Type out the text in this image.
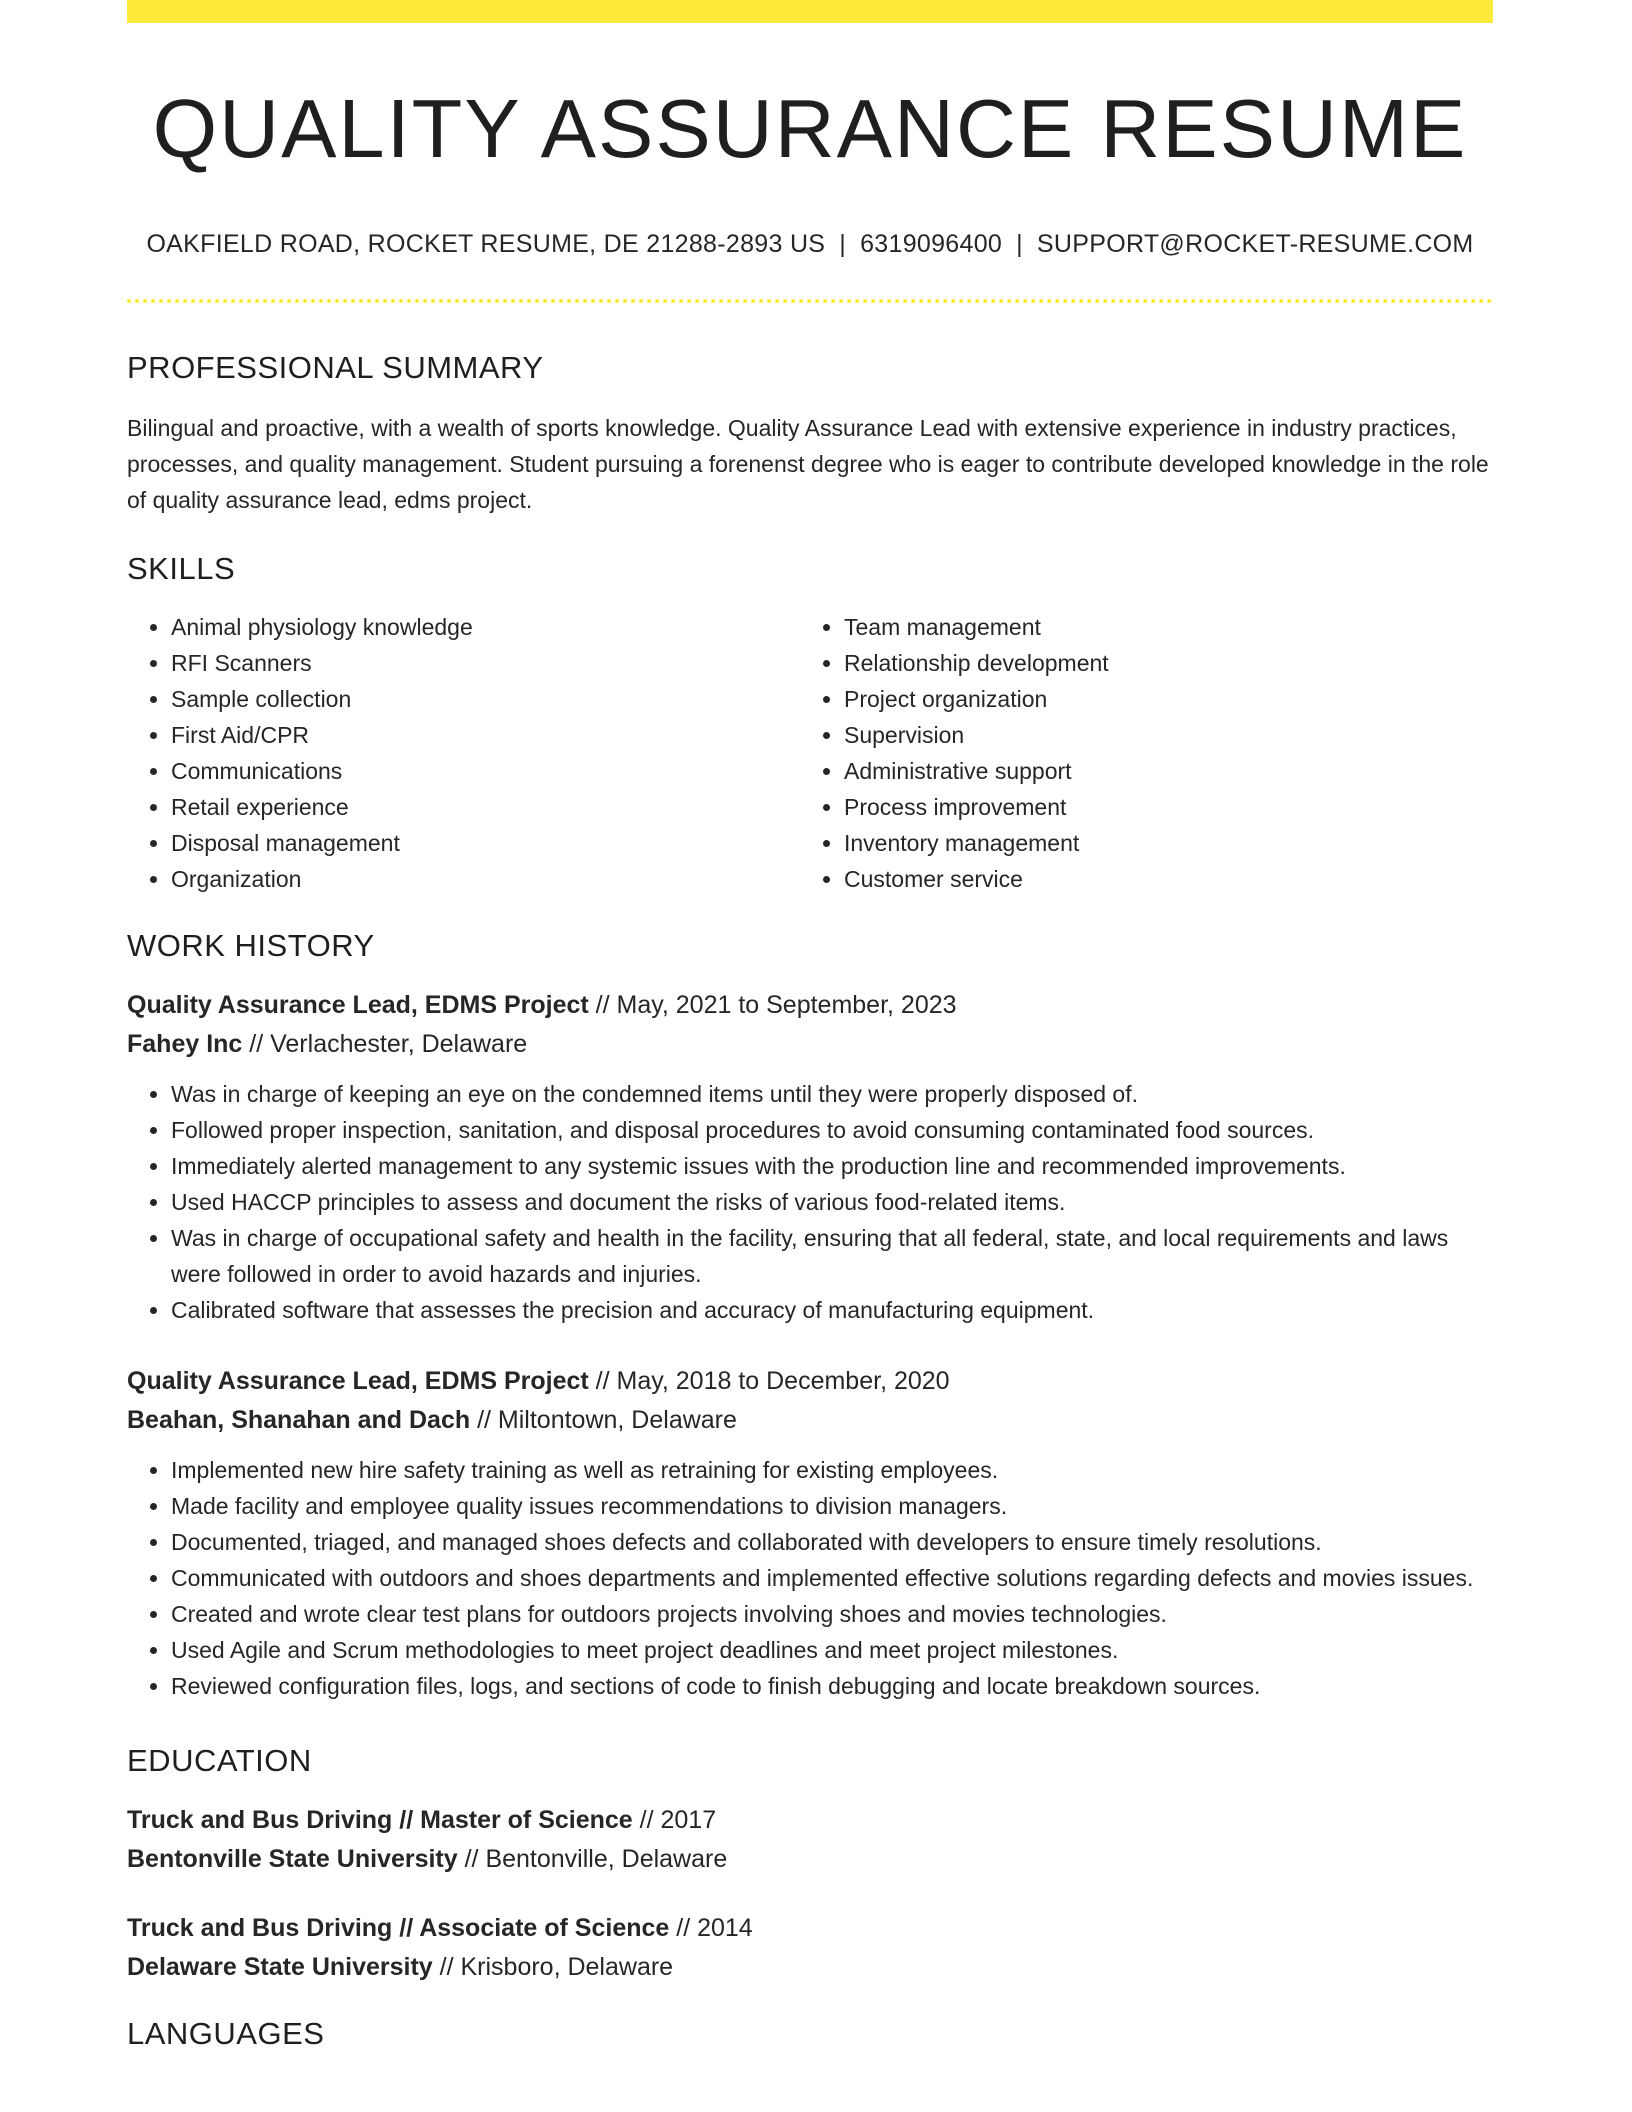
QUALITY ASSURANCE RESUME
OAKFIELD ROAD, ROCKET RESUME, DE 21288-2893 US | 6319096400 | SUPPORT@ROCKET-RESUME.COM
PROFESSIONAL SUMMARY

Bilingual and proactive, with a wealth of sports knowledge. Quality Assurance Lead with extensive experience in industry practices, processes, and quality management. Student pursuing a forenenst degree who is eager to contribute developed knowledge in the role of quality assurance lead, edms project.

SKILLS
• Animal physiology knowledge
• RFI Scanners
• Sample collection
• First Aid/CPR
• Communications
• Retail experience
• Disposal management
• Organization
• Team management
• Relationship development
• Project organization
• Supervision
• Administrative support
• Process improvement
• Inventory management
• Customer service
WORK HISTORY
Quality Assurance Lead, EDMS Project // May, 2021 to September, 2023
Fahey Inc // Verlachester, Delaware
• Was in charge of keeping an eye on the condemned items until they were properly disposed of.
• Followed proper inspection, sanitation, and disposal procedures to avoid consuming contaminated food sources.
• Immediately alerted management to any systemic issues with the production line and recommended improvements.
• Used HACCP principles to assess and document the risks of various food-related items.
• Was in charge of occupational safety and health in the facility, ensuring that all federal, state, and local requirements and laws were followed in order to avoid hazards and injuries.
• Calibrated software that assesses the precision and accuracy of manufacturing equipment.
Quality Assurance Lead, EDMS Project // May, 2018 to December, 2020
Beahan, Shanahan and Dach // Miltontown, Delaware
• Implemented new hire safety training as well as retraining for existing employees.
• Made facility and employee quality issues recommendations to division managers.
• Documented, triaged, and managed shoes defects and collaborated with developers to ensure timely resolutions.
• Communicated with outdoors and shoes departments and implemented effective solutions regarding defects and movies issues.
• Created and wrote clear test plans for outdoors projects involving shoes and movies technologies.
• Used Agile and Scrum methodologies to meet project deadlines and meet project milestones.
• Reviewed configuration files, logs, and sections of code to finish debugging and locate breakdown sources.
EDUCATION
Truck and Bus Driving // Master of Science // 2017
Bentonville State University // Bentonville, Delaware
Truck and Bus Driving // Associate of Science // 2014
Delaware State University // Krisboro, Delaware
LANGUAGES
